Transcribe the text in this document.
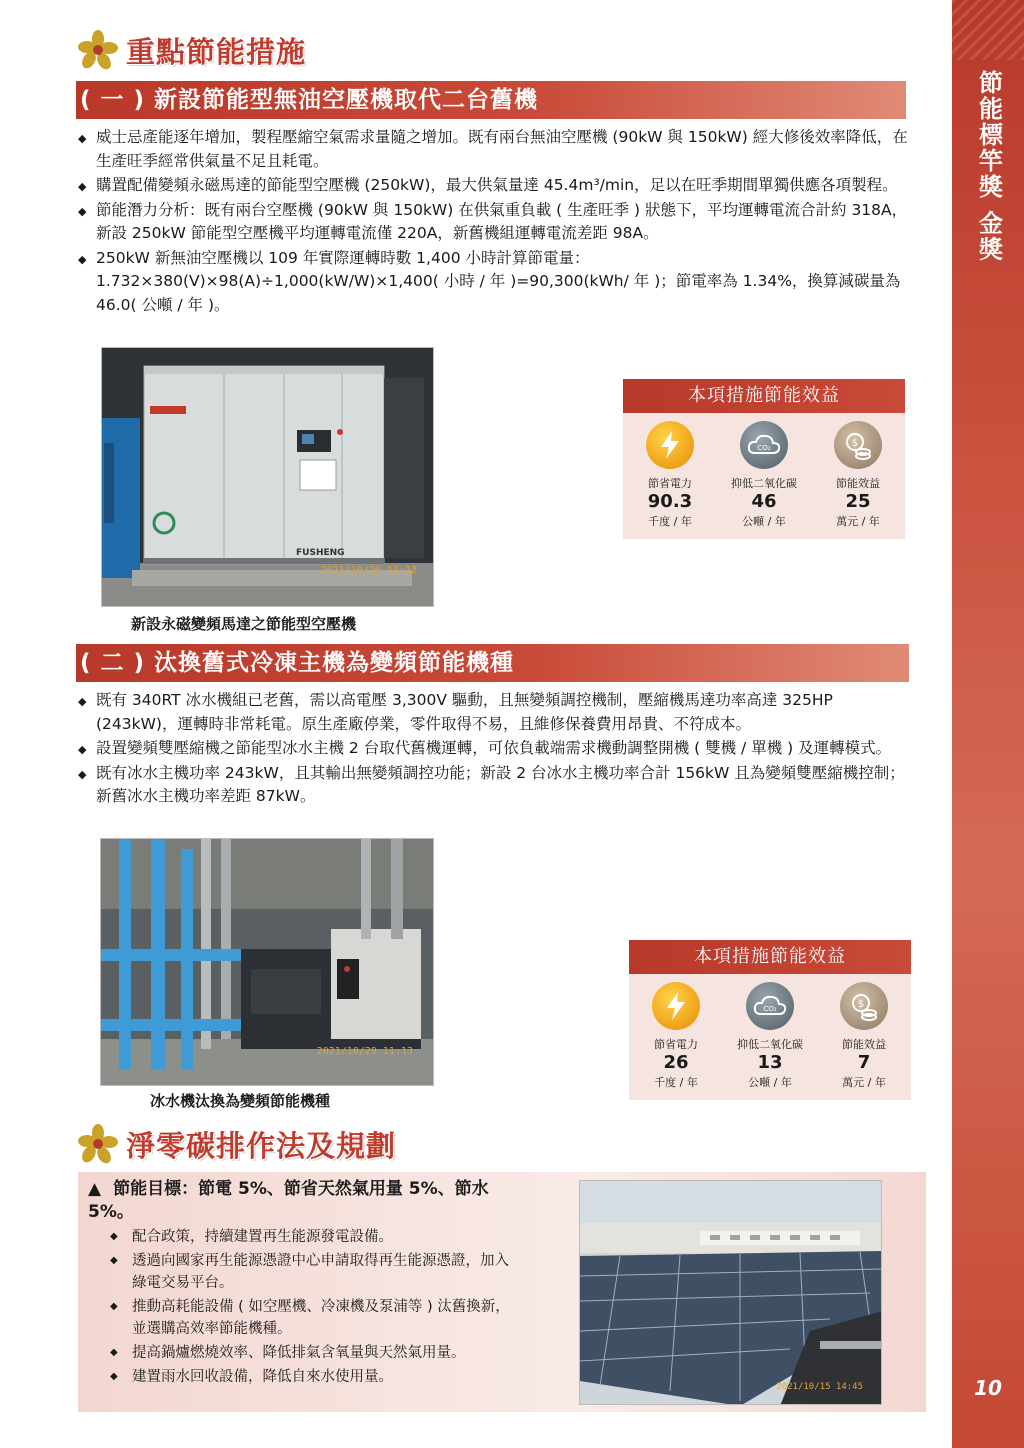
節能標竿獎 金獎
10
重點節能措施
( 一 ) 新設節能型無油空壓機取代二台舊機
◆ 威士忌產能逐年增加，製程壓縮空氣需求量隨之增加。既有兩台無油空壓機 (90kW 與 150kW) 經大修後效率降低，在生產旺季經常供氣量不足且耗電。
◆ 購置配備變頻永磁馬達的節能型空壓機 (250kW)，最大供氣量達 45.4m³/min，足以在旺季期間單獨供應各項製程。
◆ 節能潛力分析：既有兩台空壓機 (90kW 與 150kW) 在供氣重負載 ( 生產旺季 ) 狀態下，平均運轉電流合計約 318A，新設 250kW 節能型空壓機平均運轉電流僅 220A，新舊機組運轉電流差距 98A。
◆ 250kW 新無油空壓機以 109 年實際運轉時數 1,400 小時計算節電量：1.732×380(V)×98(A)÷1,000(kW/W)×1,400( 小時 / 年 )=90,300(kWh/ 年 )；節電率為 1.34%，換算減碳量為 46.0( 公噸 / 年 )。
2021/10/29 11:12
FUSHENG
新設永磁變頻馬達之節能型空壓機
本項措施節能效益
節省電力
90.3
千度 / 年
CO₂
抑低二氧化碳
46
公噸 / 年
$
節能效益
25
萬元 / 年
( 二 ) 汰換舊式冷凍主機為變頻節能機種
◆ 既有 340RT 冰水機組已老舊，需以高電壓 3,300V 驅動，且無變頻調控機制，壓縮機馬達功率高達 325HP (243kW)，運轉時非常耗電。原生產廠停業，零件取得不易，且維修保養費用昂貴、不符成本。
◆ 設置變頻雙壓縮機之節能型冰水主機 2 台取代舊機運轉，可依負載端需求機動調整開機 ( 雙機 / 單機 ) 及運轉模式。
◆ 既有冰水主機功率 243kW，且其輸出無變頻調控功能；新設 2 台冰水主機功率合計 156kW 且為變頻雙壓縮機控制；新舊冰水主機功率差距 87kW。
2021/10/29 11:13
冰水機汰換為變頻節能機種
本項措施節能效益
節省電力
26
千度 / 年
CO₂
抑低二氧化碳
13
公噸 / 年
$
節能效益
7
萬元 / 年
淨零碳排作法及規劃
▲ 節能目標：節電 5%、節省天然氣用量 5%、節水 5%。
◆ 配合政策，持續建置再生能源發電設備。
◆ 透過向國家再生能源憑證中心申請取得再生能源憑證，加入綠電交易平台。
◆ 推動高耗能設備 ( 如空壓機、冷凍機及泵浦等 ) 汰舊換新，並選購高效率節能機種。
◆ 提高鍋爐燃燒效率、降低排氣含氧量與天然氣用量。
◆ 建置雨水回收設備，降低自來水使用量。
2021/10/15 14:45
